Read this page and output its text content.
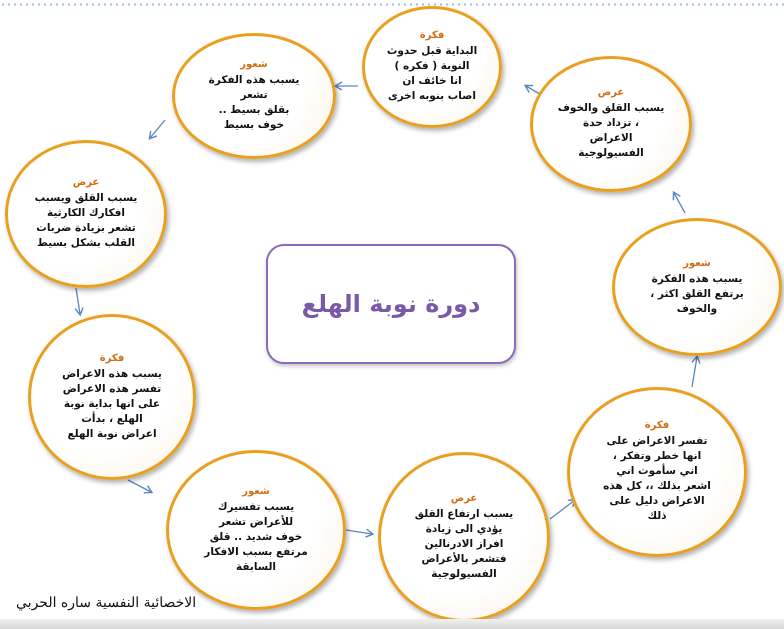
فكرة
البداية قبل حدوث
النوبة ( فكره )
انا خائف ان
اصاب بنوبه اخرى
شعور
يسبب هذه الفكرة
تشعر
بقلق بسيط ..
خوف بسيط
عرض
يسبب القلق ويسبب
افكارك الكارثية
تشعر بزيادة ضربات
القلب بشكل بسيط
فكرة
يسبب هذه الاعراض
تفسر هذه الاعراض
على انها بداية نوبة
الهلع ، بدأت
اعراض نوبة الهلع
شعور
يسبب تفسيرك
للأعراض تشعر
خوف شديد .. قلق
مرتفع بسبب الافكار
السابقة
عرض
يسبب ارتفاع القلق
يؤدي الى زيادة
افراز الادرنالين
فتشعر بالأعراض
الفسيولوجية
فكرة
تفسر الاعراض على
انها خطر وتفكر ،
اني سأموت اني
اشعر بذلك ،، كل هذه
الاعراض دليل على
ذلك
شعور
يسبب هذه الفكرة
يرتفع القلق اكثر ،
والخوف
عرض
يسبب القلق والخوف
، تزداد حدة
الاعراض
الفسيولوجية
دورة نوبة الهلع
الاخصائية النفسية ساره الحربي
